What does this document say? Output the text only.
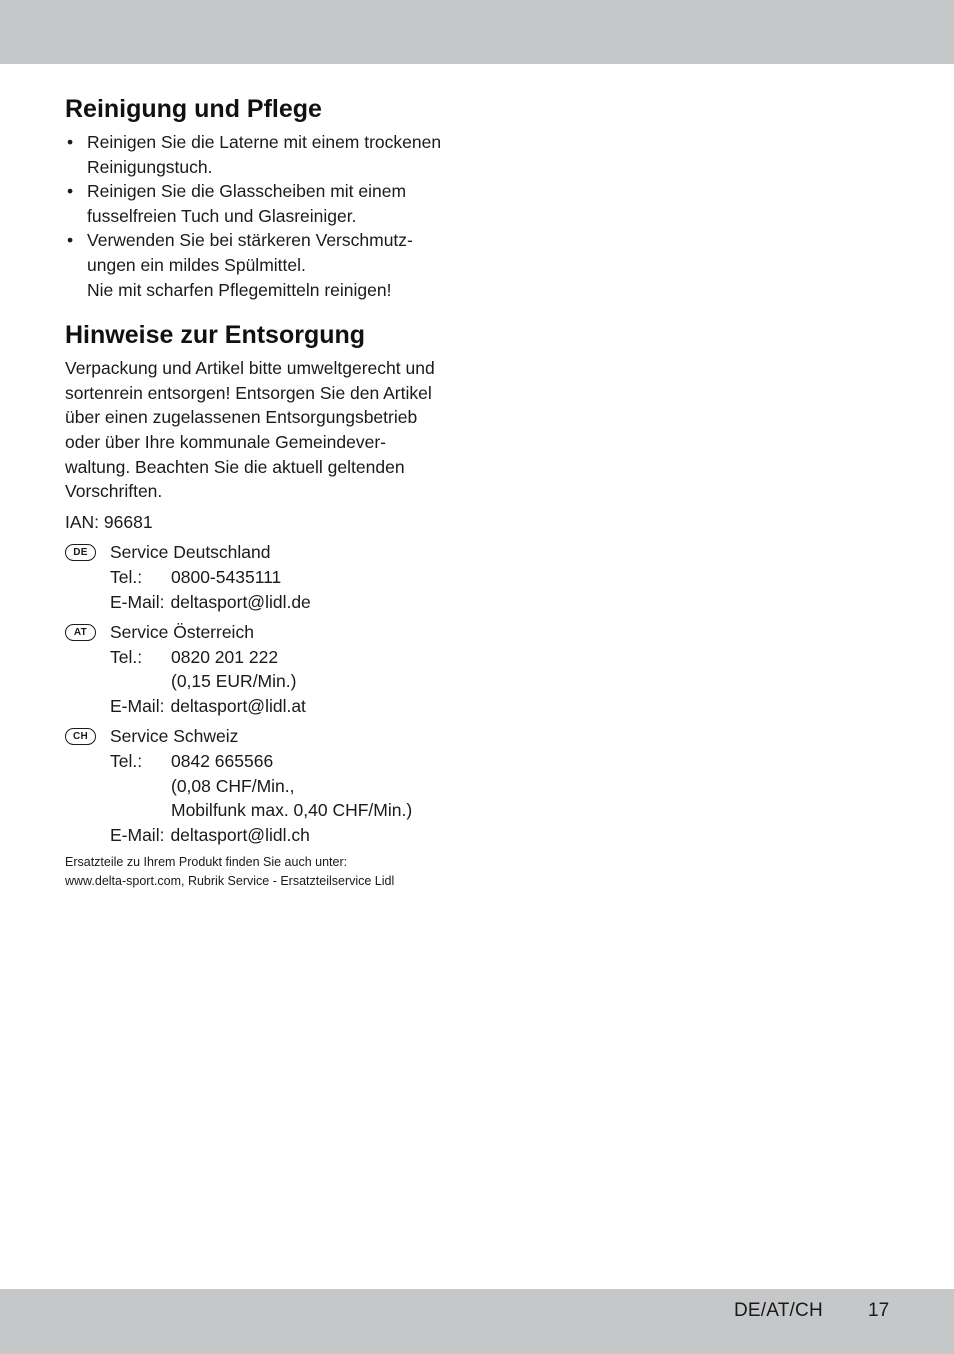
Reinigung und Pflege
• Reinigen Sie die Laterne mit einem trockenen
Reinigungstuch.
• Reinigen Sie die Glasscheiben mit einem
fusselfreien Tuch und Glasreiniger.
• Verwenden Sie bei stärkeren Verschmutz-
ungen ein mildes Spülmittel.
Nie mit scharfen Pflegemitteln reinigen!
Hinweise zur Entsorgung

Verpackung und Artikel bitte umweltgerecht und
sortenrein entsorgen! Entsorgen Sie den Artikel
über einen zugelassenen Entsorgungsbetrieb
oder über Ihre kommunale Gemeindever-
waltung. Beachten Sie die aktuell geltenden
Vorschriften.

IAN: 96681

DE	Service Deutschland
Tel.:	0800-5435111
E-Mail: deltasport@lidl.de
AT	Service Österreich
Tel.:	0820 201 222
(0,15 EUR/Min.)
E-Mail: deltasport@lidl.at
CH	Service Schweiz
Tel.:	0842 665566
(0,08 CHF/Min.,
Mobilfunk max. 0,40 CHF/Min.)
E-Mail: deltasport@lidl.ch

Ersatzteile zu Ihrem Produkt finden Sie auch unter:
www.delta-sport.com, Rubrik Service - Ersatzteilservice Lidl

DE/AT/CH 17
